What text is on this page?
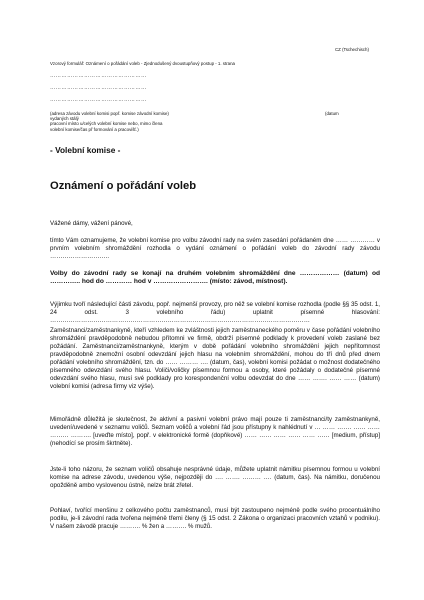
CZ (Tschechisch)

Vzorový formulář: Oznámení o pořádání voleb - Zjednodušený dvoustupňový postup - 1. strana

……………………………………………

……………………………………………

……………………………………………

(adresa závodu volební komisi popř. komise závodní komise)
vydaných stálý
pracovní místo u/celých volební komise nebo, mimo člena
volební komise/čas př formování a pracovišť.)

(datum

- Volební komise -

Oznámení o pořádání voleb

Vážené dámy, vážení pánové,

tímto Vám oznamujeme, že volební komise pro volbu závodní rady na svém zasedání pořádaném dne …… ………… v prvním volebním shromáždění rozhodla o vydání oznámení o pořádání voleb do závodní rady závodu ………………………..

Volby do závodní rady se konají na druhém volebním shromáždění dne ……………… (datum) od ………….. hod do ………… hod v ……………………. (místo: závod, místnost).

Výjimku tvoří následující části závodu, popř. nejmenší provozy, pro něž se volební komise rozhodla (podle §§ 35 odst. 1, 24 odst. 3 volebního řádu) uplatnit písemné hlasování: ………………………………………………………………………………………………………………

Zaměstnanci/zaměstnankyně, kteří vzhledem ke zvláštnosti jejich zaměstnaneckého poměru v čase pořádání volebního shromáždění pravděpodobně nebudou přítomni ve firmě, obdrží písemné podklady k provedení voleb zaslané bez požádání. Zaměstnanci/zaměstnankyně, kterým v době pořádání volebního shromáždění jejich nepřítomnost pravděpodobně znemožní osobní odevzdání jejich hlasu na volebním shromáždění, mohou do tří dnů před dnem pořádání volebního shromáždění, tzn. do …… ……… …. (datum, čas), volební komisi požádat o možnost dodatečného písemného odevzdání svého hlasu. Voliči/voličky písemnou formou a osoby, které požádaly o dodatečné písemné odevzdání svého hlasu, musí své podklady pro korespondenční volbu odevzdat do dne …… ……. …… …… (datum) volební komisi (adresa firmy viz výše).

Mimořádně důležitá je skutečnost, že aktivní a pasivní volební právo mají pouze ti zaměstnanci/ty zaměstnankyně, uvedení/uvedené v seznamu voličů. Seznam voličů a volební řád jsou přístupny k nahlédnutí v … …… ……. …… …… ……… ………. [uveďte místo], popř. v elektronické formě (dopňkové) …… …… …… …… …… …… [medium, přístup] (nehodící se prosím škrtněte).

Jste-li toho názoru, že seznam voličů obsahuje nesprávné údaje, můžete uplatnit námitku písemnou formou u volební komise na adrese závodu, uvedenou výše, nejpozději do …. ……. ……… …. (datum, čas). Na námitku, doručenou opožděně ambo vyslovenou ústně, nelze brát zřetel.

Pohlaví, tvořící menšinu z celkového počtu zaměstnanců, musí být zastoupeno nejméně podle svého procentuálního podílu, je-li závodní rada tvořena nejméně třemi členy (§ 15 odst. 2 Zákona o organizaci pracovních vztahů v podniku). V našem závodě pracuje ………. % žen a ………. % mužů.
